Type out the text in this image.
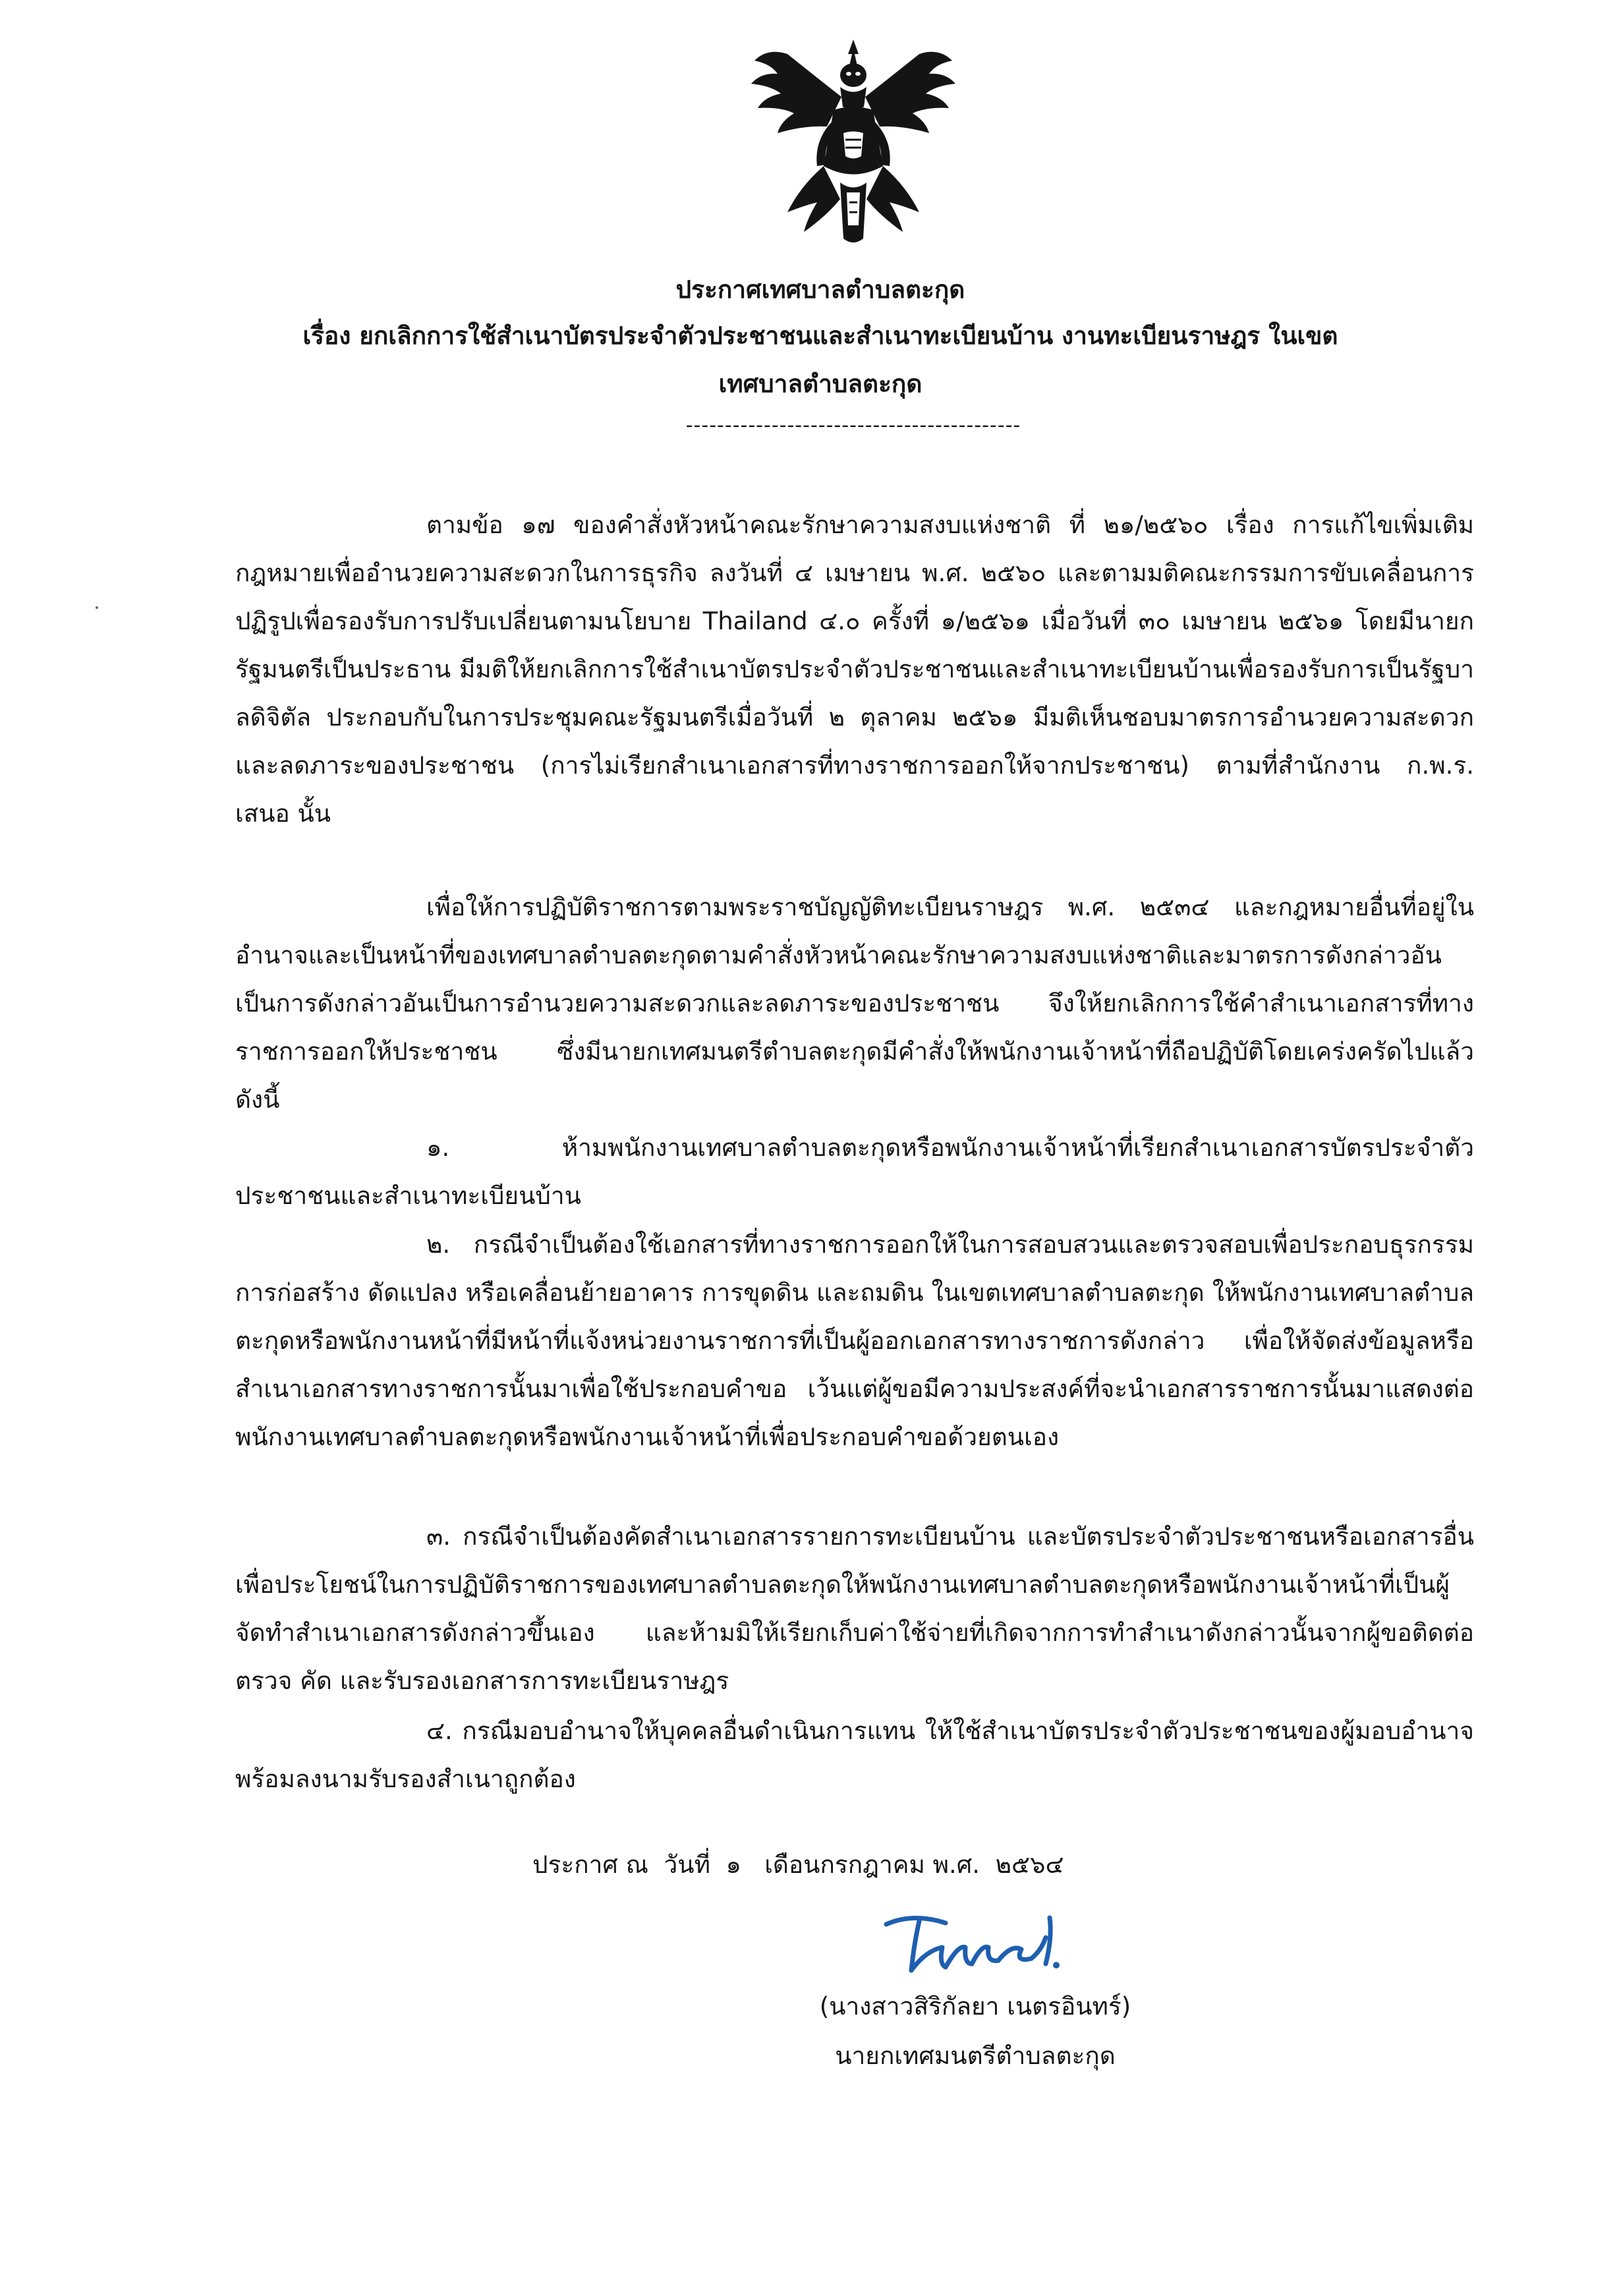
ประกาศเทศบาลตำบลตะกุด
เรื่อง ยกเลิกการใช้สำเนาบัตรประจำตัวประชาชนและสำเนาทะเบียนบ้าน งานทะเบียนราษฎร ในเขต
เทศบาลตำบลตะกุด
-------------------------------------------
ตามข้อ ๑๗ ของคำสั่งหัวหน้าคณะรักษาความสงบแห่งชาติ ที่ ๒๑/๒๕๖๐ เรื่อง การแก้ไขเพิ่มเติมกฎหมายเพื่ออำนวยความสะดวกในการธุรกิจ ลงวันที่ ๔ เมษายน พ.ศ. ๒๕๖๐ และตามมติคณะกรรมการขับเคลื่อนการปฏิรูปเพื่อรองรับการปรับเปลี่ยนตามนโยบาย Thailand ๔.๐ ครั้งที่ ๑/๒๕๖๑ เมื่อวันที่ ๓๐ เมษายน ๒๕๖๑ โดยมีนายกรัฐมนตรีเป็นประธาน มีมติให้ยกเลิกการใช้สำเนาบัตรประจำตัวประชาชนและสำเนาทะเบียนบ้านเพื่อรองรับการเป็นรัฐบาลดิจิตัล ประกอบกับในการประชุมคณะรัฐมนตรีเมื่อวันที่ ๒ ตุลาคม ๒๕๖๑ มีมติเห็นชอบมาตรการอำนวยความสะดวกและลดภาระของประชาชน (การไม่เรียกสำเนาเอกสารที่ทางราชการออกให้จากประชาชน) ตามที่สำนักงาน ก.พ.ร. เสนอ นั้น
เพื่อให้การปฏิบัติราชการตามพระราชบัญญัติทะเบียนราษฎร พ.ศ. ๒๕๓๔ และกฎหมายอื่นที่อยู่ในอำนาจและเป็นหน้าที่ของเทศบาลตำบลตะกุดตามคำสั่งหัวหน้าคณะรักษาความสงบแห่งชาติและมาตรการดังกล่าวอันเป็นการดังกล่าวอันเป็นการอำนวยความสะดวกและลดภาระของประชาชน จึงให้ยกเลิกการใช้คำสำเนาเอกสารที่ทางราชการออกให้ประชาชน ซึ่งมีนายกเทศมนตรีตำบลตะกุดมีคำสั่งให้พนักงานเจ้าหน้าที่ถือปฏิบัติโดยเคร่งครัดไปแล้ว ดังนี้
๑. ห้ามพนักงานเทศบาลตำบลตะกุดหรือพนักงานเจ้าหน้าที่เรียกสำเนาเอกสารบัตรประจำตัวประชาชนและสำเนาทะเบียนบ้าน
๒. กรณีจำเป็นต้องใช้เอกสารที่ทางราชการออกให้ในการสอบสวนและตรวจสอบเพื่อประกอบธุรกรรมการก่อสร้าง ดัดแปลง หรือเคลื่อนย้ายอาคาร การขุดดิน และถมดิน ในเขตเทศบาลตำบลตะกุด ให้พนักงานเทศบาลตำบลตะกุดหรือพนักงานหน้าที่มีหน้าที่แจ้งหน่วยงานราชการที่เป็นผู้ออกเอกสารทางราชการดังกล่าว เพื่อให้จัดส่งข้อมูลหรือสำเนาเอกสารทางราชการนั้นมาเพื่อใช้ประกอบคำขอ เว้นแต่ผู้ขอมีความประสงค์ที่จะนำเอกสารราชการนั้นมาแสดงต่อพนักงานเทศบาลตำบลตะกุดหรือพนักงานเจ้าหน้าที่เพื่อประกอบคำขอด้วยตนเอง
๓. กรณีจำเป็นต้องคัดสำเนาเอกสารรายการทะเบียนบ้าน และบัตรประจำตัวประชาชนหรือเอกสารอื่น เพื่อประโยชน์ในการปฏิบัติราชการของเทศบาลตำบลตะกุดให้พนักงานเทศบาลตำบลตะกุดหรือพนักงานเจ้าหน้าที่เป็นผู้จัดทำสำเนาเอกสารดังกล่าวขึ้นเอง และห้ามมิให้เรียกเก็บค่าใช้จ่ายที่เกิดจากการทำสำเนาดังกล่าวนั้นจากผู้ขอติดต่อตรวจ คัด และรับรองเอกสารการทะเบียนราษฎร
๔. กรณีมอบอำนาจให้บุคคลอื่นดำเนินการแทน ให้ใช้สำเนาบัตรประจำตัวประชาชนของผู้มอบอำนาจ พร้อมลงนามรับรองสำเนาถูกต้อง
ประกาศ ณ  วันที่  ๑   เดือนกรกฎาคม พ.ศ.  ๒๕๖๔
(นางสาวสิริกัลยา เนตรอินทร์)
นายกเทศมนตรีตำบลตะกุด
